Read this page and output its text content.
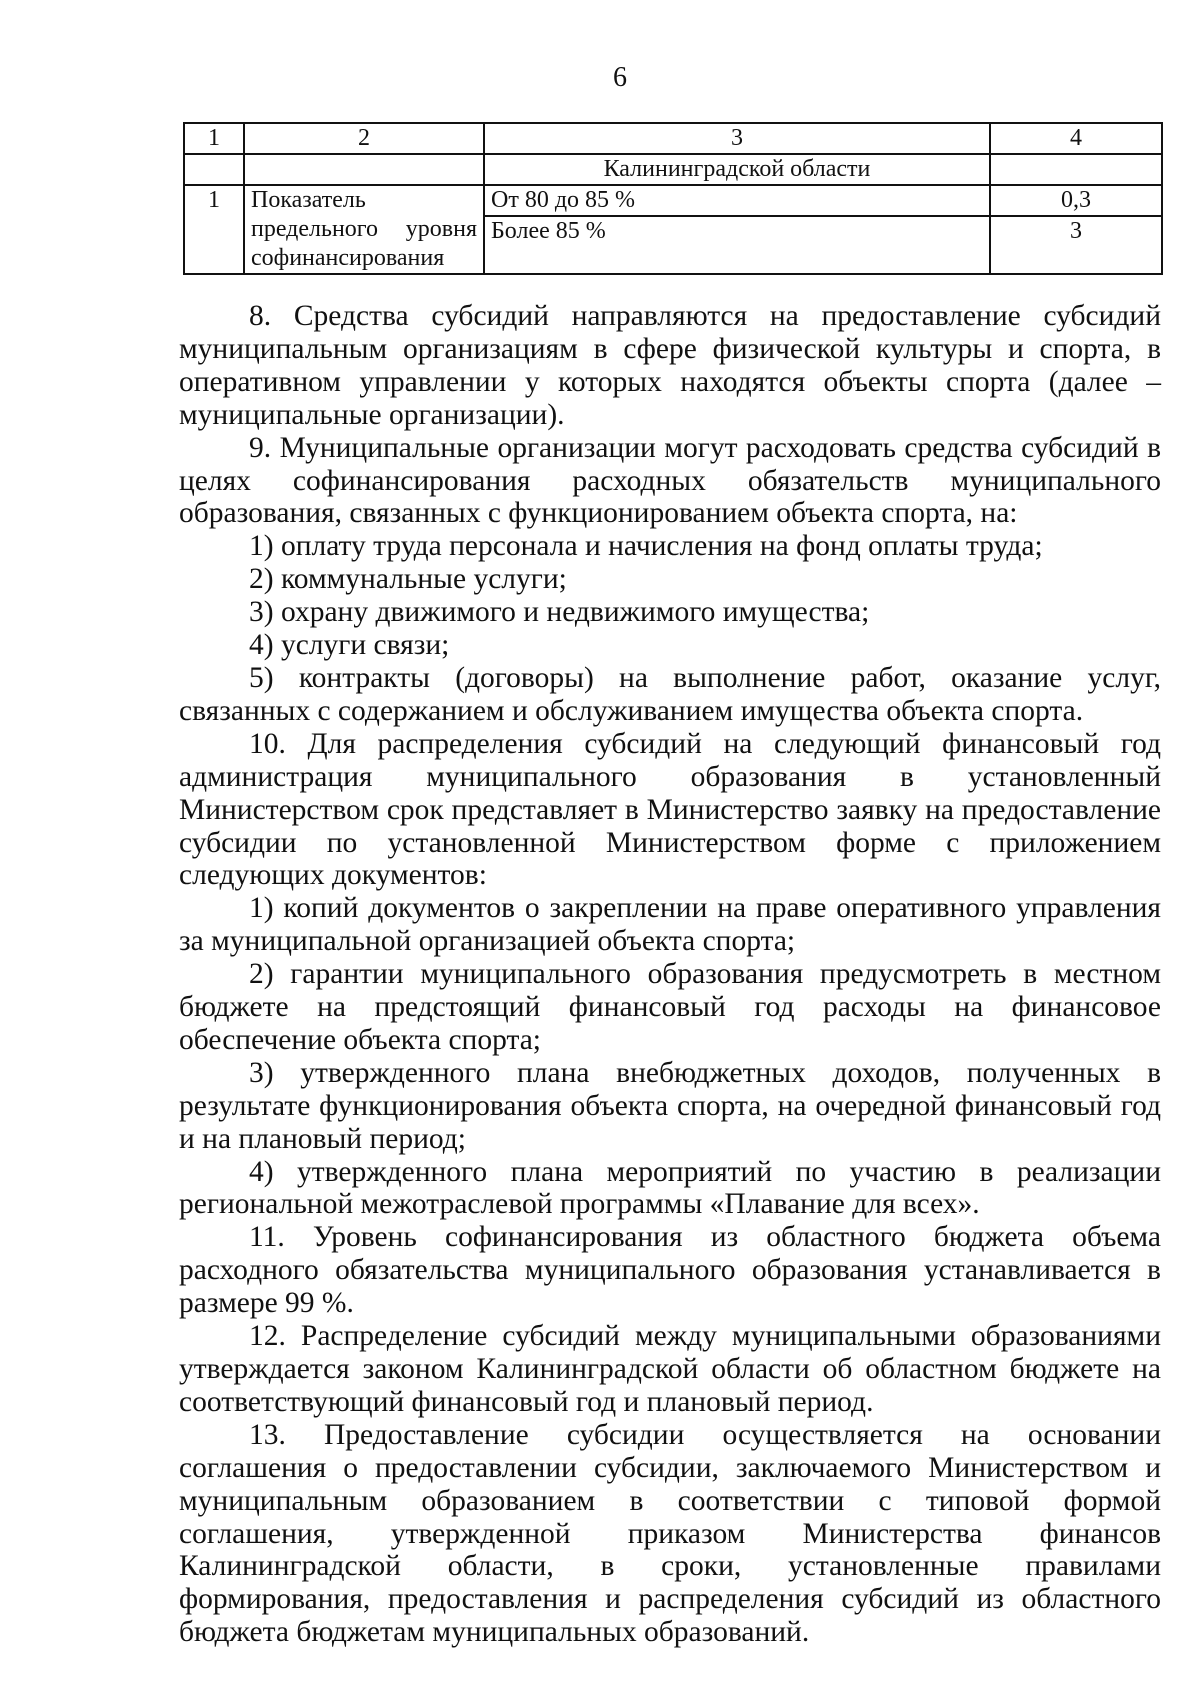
6
1	2	3	4
		Калининградской области	
1	Показатель предельного уровня софинансирования	От 80 до 85 %	0,3
		Более 85 %	3

8. Средства субсидий направляются на предоставление субсидий муниципальным организациям в сфере физической культуры и спорта, в оперативном управлении у которых находятся объекты спорта (далее – муниципальные организации).

9. Муниципальные организации могут расходовать средства субсидий в целях софинансирования расходных обязательств муниципального образования, связанных с функционированием объекта спорта, на:

1) оплату труда персонала и начисления на фонд оплаты труда;

2) коммунальные услуги;

3) охрану движимого и недвижимого имущества;

4) услуги связи;

5) контракты (договоры) на выполнение работ, оказание услуг, связанных с содержанием и обслуживанием имущества объекта спорта.

10. Для распределения субсидий на следующий финансовый год администрация муниципального образования в установленный Министерством срок представляет в Министерство заявку на предоставление субсидии по установленной Министерством форме с приложением следующих документов:

1) копий документов о закреплении на праве оперативного управления за муниципальной организацией объекта спорта;

2) гарантии муниципального образования предусмотреть в местном бюджете на предстоящий финансовый год расходы на финансовое обеспечение объекта спорта;

3) утвержденного плана внебюджетных доходов, полученных в результате функционирования объекта спорта, на очередной финансовый год и на плановый период;

4) утвержденного плана мероприятий по участию в реализации региональной межотраслевой программы «Плавание для всех».

11. Уровень софинансирования из областного бюджета объема расходного обязательства муниципального образования устанавливается в размере 99 %.

12. Распределение субсидий между муниципальными образованиями утверждается законом Калининградской области об областном бюджете на соответствующий финансовый год и плановый период.

13. Предоставление субсидии осуществляется на основании соглашения о предоставлении субсидии, заключаемого Министерством и муниципальным образованием в соответствии с типовой формой соглашения, утвержденной приказом Министерства финансов Калининградской области, в сроки, установленные правилами формирования, предоставления и распределения субсидий из областного бюджета бюджетам муниципальных образований.
